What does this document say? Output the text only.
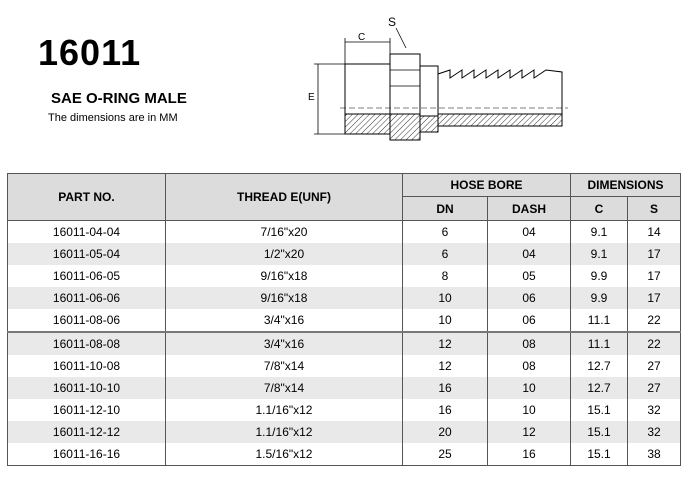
16011
SAE O-RING MALE
The dimensions are in MM
S
C
E
PART NO.	THREAD E(UNF)	HOSE BORE		DIMENSIONS	
		DN	DASH	C	S
16011-04-04	7/16"x20	6	04	9.1	14
16011-05-04	1/2"x20	6	04	9.1	17
16011-06-05	9/16"x18	8	05	9.9	17
16011-06-06	9/16"x18	10	06	9.9	17
16011-08-06	3/4"x16	10	06	11.1	22
16011-08-08	3/4"x16	12	08	11.1	22
16011-10-08	7/8"x14	12	08	12.7	27
16011-10-10	7/8"x14	16	10	12.7	27
16011-12-10	1.1/16"x12	16	10	15.1	32
16011-12-12	1.1/16"x12	20	12	15.1	32
16011-16-16	1.5/16"x12	25	16	15.1	38
